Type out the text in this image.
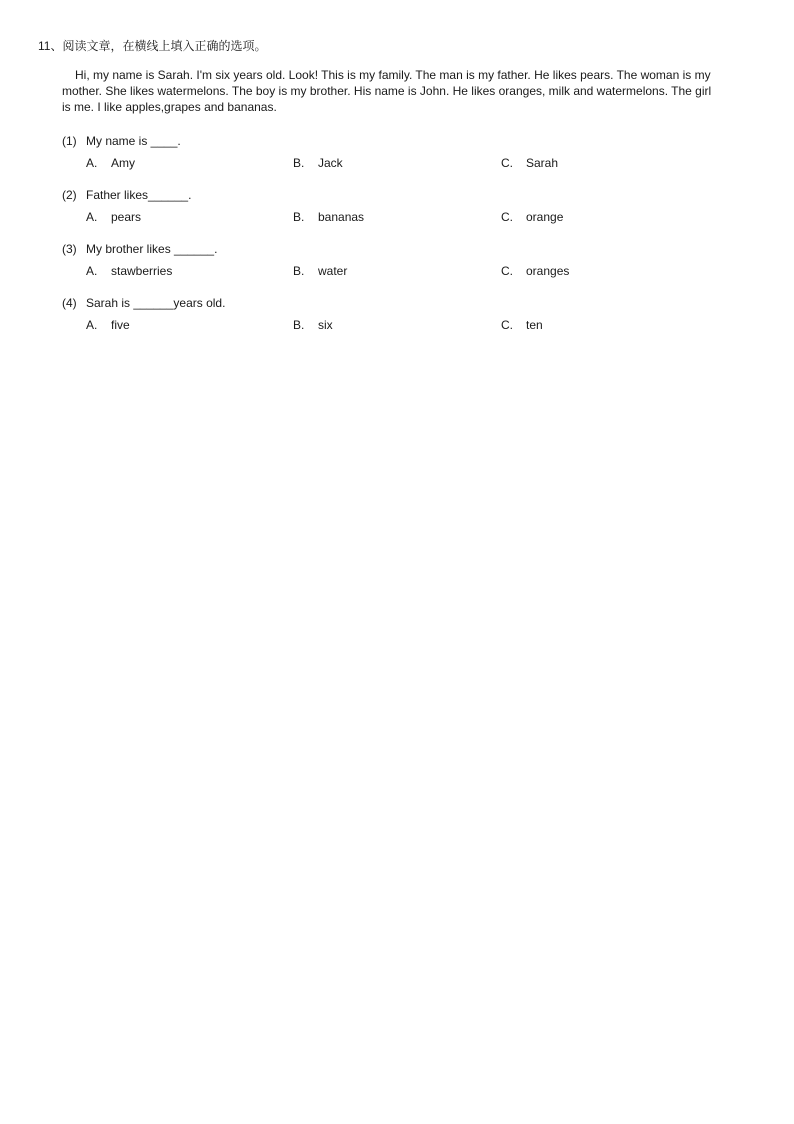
11、阅读文章，在横线上填入正确的选项。

Hi, my name is Sarah. I'm six years old. Look! This is my family. The man is my father. He likes pears. The woman is my mother. She likes watermelons. The boy is my brother. His name is John. He likes oranges, milk and watermelons. The girl is me. I like apples,grapes and bananas.

(1) My name is ____.
A. Amy	B. Jack	C. Sarah
(2) Father likes______.
A. pears	B. bananas	C. orange
(3) My brother likes ______.
A. stawberries	B. water	C. oranges
(4) Sarah is ______years old.
A. five	B. six	C. ten
